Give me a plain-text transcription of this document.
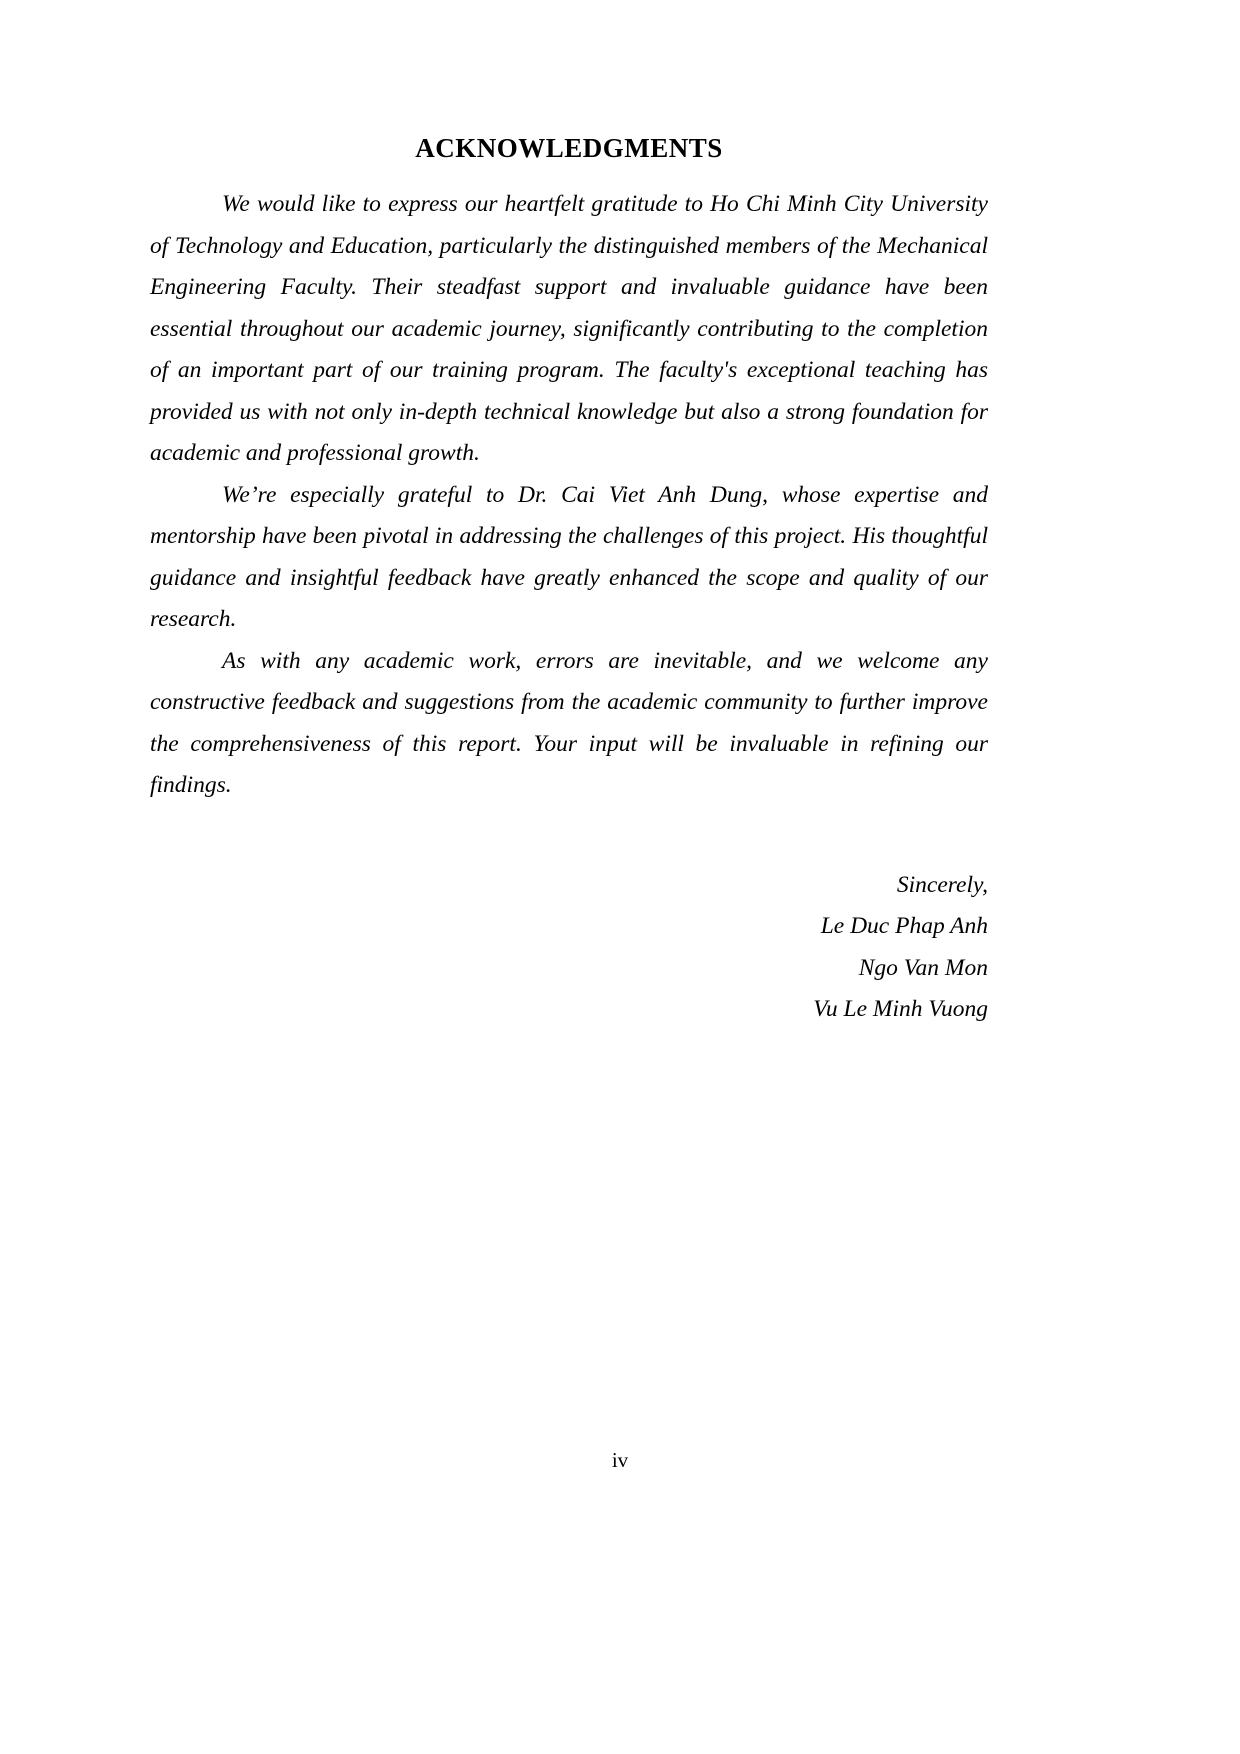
ACKNOWLEDGMENTS

We would like to express our heartfelt gratitude to Ho Chi Minh City University of Technology and Education, particularly the distinguished members of the Mechanical Engineering Faculty. Their steadfast support and invaluable guidance have been essential throughout our academic journey, significantly contributing to the completion of an important part of our training program. The faculty's exceptional teaching has provided us with not only in-depth technical knowledge but also a strong foundation for academic and professional growth.

We’re especially grateful to Dr. Cai Viet Anh Dung, whose expertise and mentorship have been pivotal in addressing the challenges of this project. His thoughtful guidance and insightful feedback have greatly enhanced the scope and quality of our research.

As with any academic work, errors are inevitable, and we welcome any constructive feedback and suggestions from the academic community to further improve the comprehensiveness of this report. Your input will be invaluable in refining our findings.

Sincerely,
Le Duc Phap Anh
Ngo Van Mon
Vu Le Minh Vuong
iv
